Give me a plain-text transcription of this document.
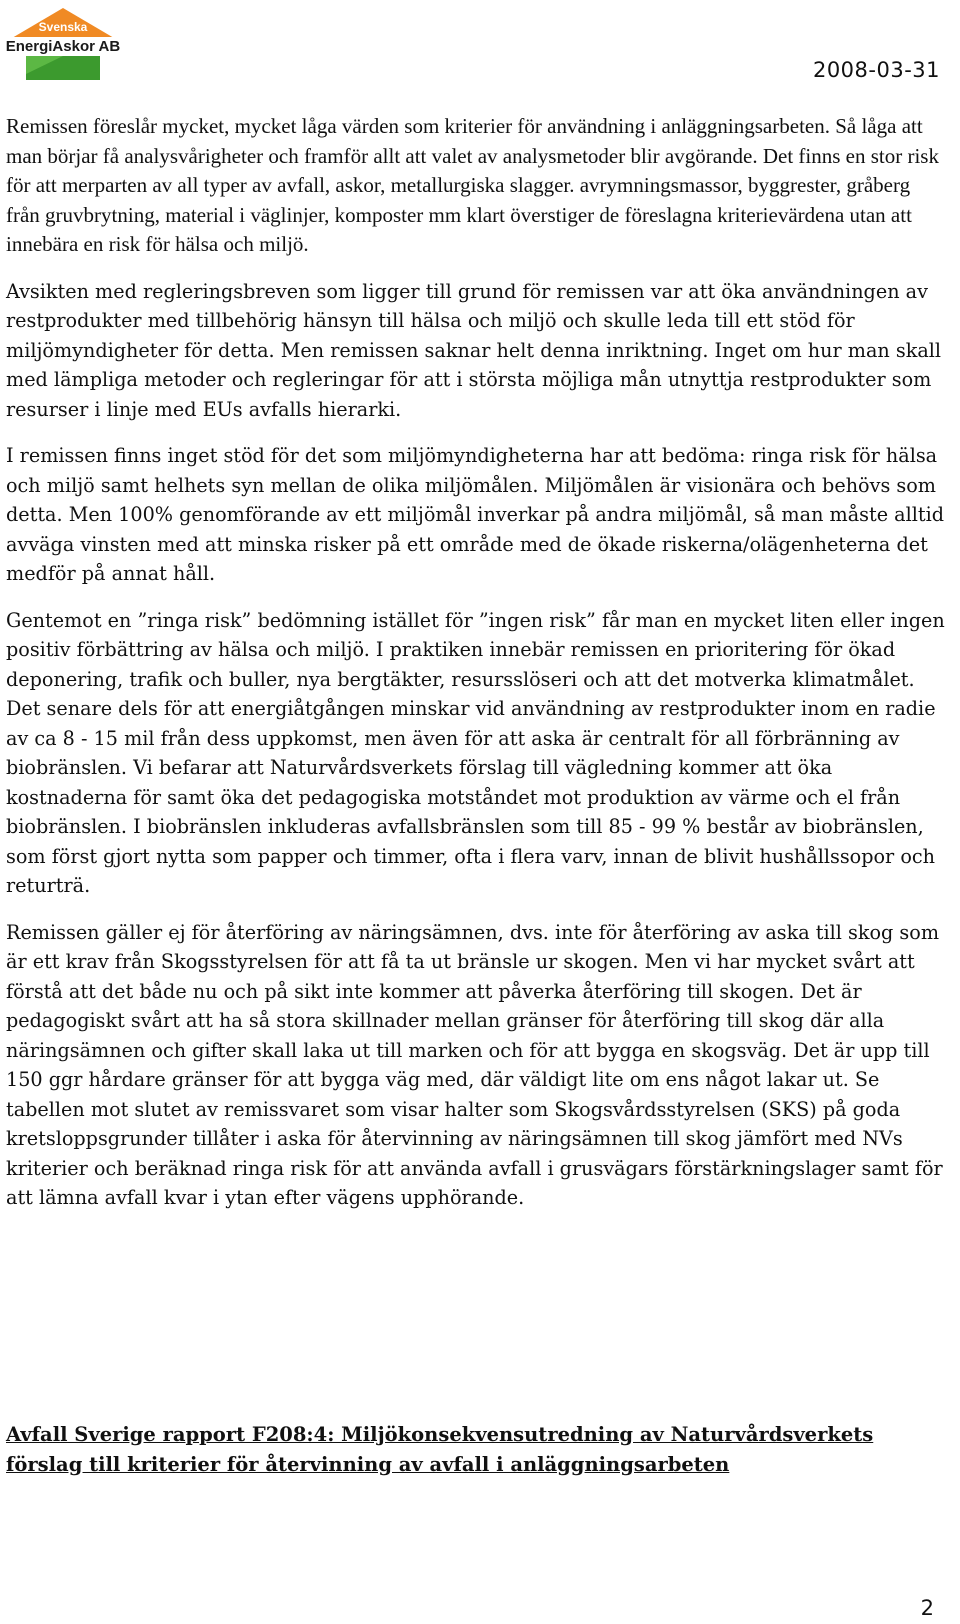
Svenska
EnergiAskor AB
2008-03-31

Remissen föreslår mycket, mycket låga värden som kriterier för användning i anläggningsarbeten. Så låga att man börjar få analysvårigheter och framför allt att valet av analysmetoder blir avgörande. Det finns en stor risk för att merparten av all typer av avfall, askor, metallurgiska slagger. avrymningsmassor, byggrester, gråberg från gruvbrytning, material i väglinjer, komposter mm klart överstiger de föreslagna kriterievärdena utan att innebära en risk för hälsa och miljö.

Avsikten med regleringsbreven som ligger till grund för remissen var att öka användningen av restprodukter med tillbehörig hänsyn till hälsa och miljö och skulle leda till ett stöd för miljömyndigheter för detta. Men remissen saknar helt denna inriktning. Inget om hur man skall med lämpliga metoder och regleringar för att i största möjliga mån utnyttja restprodukter som resurser i linje med EUs avfalls hierarki.

I remissen finns inget stöd för det som miljömyndigheterna har att bedöma: ringa risk för hälsa och miljö samt helhets syn mellan de olika miljömålen. Miljömålen är visionära och behövs som detta. Men 100% genomförande av ett miljömål inverkar på andra miljömål, så man måste alltid avväga vinsten med att minska risker på ett område med de ökade riskerna/olägenheterna det medför på annat håll.

Gentemot en ”ringa risk” bedömning istället för ”ingen risk” får man en mycket liten eller ingen positiv förbättring av hälsa och miljö. I praktiken innebär remissen en prioritering för ökad deponering, trafik och buller, nya bergtäkter, resursslöseri och att det motverka klimatmålet. Det senare dels för att energiåtgången minskar vid användning av restprodukter inom en radie av ca 8 - 15 mil från dess uppkomst, men även för att aska är centralt för all förbränning av biobränslen. Vi befarar att Naturvårdsverkets förslag till vägledning kommer att öka kostnaderna för samt öka det pedagogiska motståndet mot produktion av värme och el från biobränslen. I biobränslen inkluderas avfallsbränslen som till 85 - 99 % består av biobränslen, som först gjort nytta som papper och timmer, ofta i flera varv, innan de blivit hushållssopor och returträ.

Remissen gäller ej för återföring av näringsämnen, dvs. inte för återföring av aska till skog som är ett krav från Skogsstyrelsen för att få ta ut bränsle ur skogen. Men vi har mycket svårt att förstå att det både nu och på sikt inte kommer att påverka återföring till skogen. Det är pedagogiskt svårt att ha så stora skillnader mellan gränser för återföring till skog där alla näringsämnen och gifter skall laka ut till marken och för att bygga en skogsväg. Det är upp till 150 ggr hårdare gränser för att bygga väg med, där väldigt lite om ens något lakar ut. Se tabellen mot slutet av remissvaret som visar halter som Skogsvårdsstyrelsen (SKS) på goda kretsloppsgrunder tillåter i aska för återvinning av näringsämnen till skog jämfört med NVs kriterier och beräknad ringa risk för att använda avfall i grusvägars förstärkningslager samt för att lämna avfall kvar i ytan efter vägens upphörande.

Avfall Sverige rapport F208:4: Miljökonsekvensutredning av Naturvårdsverkets förslag till kriterier för återvinning av avfall i anläggningsarbeten
2
